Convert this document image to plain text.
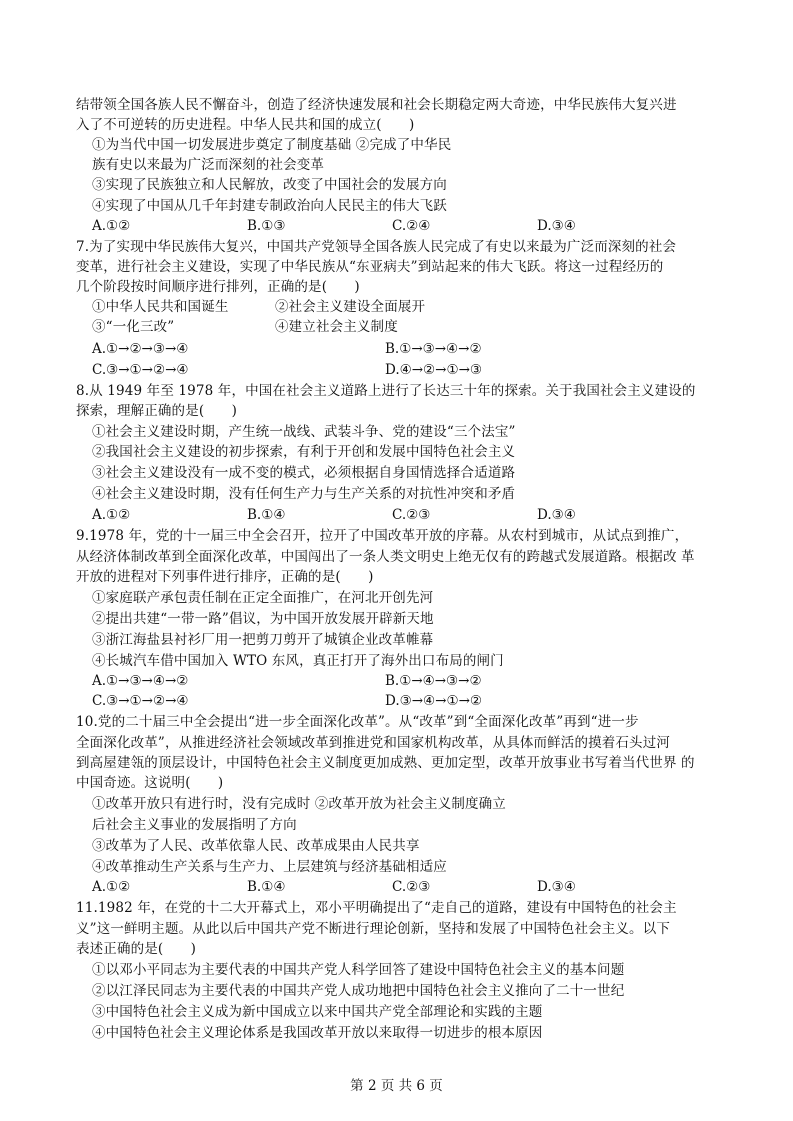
结带领全国各族人民不懈奋斗，创造了经济快速发展和社会长期稳定两大奇迹，中华民族伟大复兴进
入了不可逆转的历史进程。中华人民共和国的成立(　　)
①为当代中国一切发展进步奠定了制度基础 ②完成了中华民
族有史以来最为广泛而深刻的社会变革
③实现了民族独立和人民解放，改变了中国社会的发展方向
④实现了中国从几千年封建专制政治向人民民主的伟大飞跃
A.①②	B.①③	C.②④	D.③④
7.为了实现中华民族伟大复兴，中国共产党领导全国各族人民完成了有史以来最为广泛而深刻的社会
变革，进行社会主义建设，实现了中华民族从“东亚病夫”到站起来的伟大飞跃。将这一过程经历的
几个阶段按时间顺序进行排列，正确的是(　　)
①中华人民共和国诞生	②社会主义建设全面展开
③“一化三改”	④建立社会主义制度
A.①→②→③→④	B.①→③→④→②
C.③→①→②→④	D.④→②→①→③
8.从 1949 年至 1978 年，中国在社会主义道路上进行了长达三十年的探索。关于我国社会主义建设的
探索，理解正确的是(　　)
①社会主义建设时期，产生统一战线、武装斗争、党的建设“三个法宝”
②我国社会主义建设的初步探索，有利于开创和发展中国特色社会主义
③社会主义建设没有一成不变的模式，必须根据自身国情选择合适道路
④社会主义建设时期，没有任何生产力与生产关系的对抗性冲突和矛盾
A.①②	B.①④	C.②③	D.③④
9.1978 年，党的十一届三中全会召开，拉开了中国改革开放的序幕。从农村到城市，从试点到推广，
从经济体制改革到全面深化改革，中国闯出了一条人类文明史上绝无仅有的跨越式发展道路。根据改 革
开放的进程对下列事件进行排序，正确的是(　　)
①家庭联产承包责任制在正定全面推广，在河北开创先河
②提出共建“一带一路”倡议，为中国开放发展开辟新天地
③浙江海盐县衬衫厂用一把剪刀剪开了城镇企业改革帷幕
④长城汽车借中国加入 WTO 东风，真正打开了海外出口布局的闸门
A.①→③→④→②	B.①→④→③→②
C.③→①→②→④	D.③→④→①→②
10.党的二十届三中全会提出“进一步全面深化改革”。从“改革”到“全面深化改革”再到“进一步
全面深化改革”，从推进经济社会领域改革到推进党和国家机构改革，从具体而鲜活的摸着石头过河
到高屋建瓴的顶层设计，中国特色社会主义制度更加成熟、更加定型，改革开放事业书写着当代世界 的
中国奇迹。这说明(　　)
①改革开放只有进行时，没有完成时 ②改革开放为社会主义制度确立
后社会主义事业的发展指明了方向
③改革为了人民、改革依靠人民、改革成果由人民共享
④改革推动生产关系与生产力、上层建筑与经济基础相适应
A.①②	B.①④	C.②③	D.③④
11.1982 年，在党的十二大开幕式上，邓小平明确提出了“走自己的道路，建设有中国特色的社会主
义”这一鲜明主题。从此以后中国共产党不断进行理论创新，坚持和发展了中国特色社会主义。以下
表述正确的是(　　)
①以邓小平同志为主要代表的中国共产党人科学回答了建设中国特色社会主义的基本问题
②以江泽民同志为主要代表的中国共产党人成功地把中国特色社会主义推向了二十一世纪
③中国特色社会主义成为新中国成立以来中国共产党全部理论和实践的主题
④中国特色社会主义理论体系是我国改革开放以来取得一切进步的根本原因
第 2 页 共 6 页
